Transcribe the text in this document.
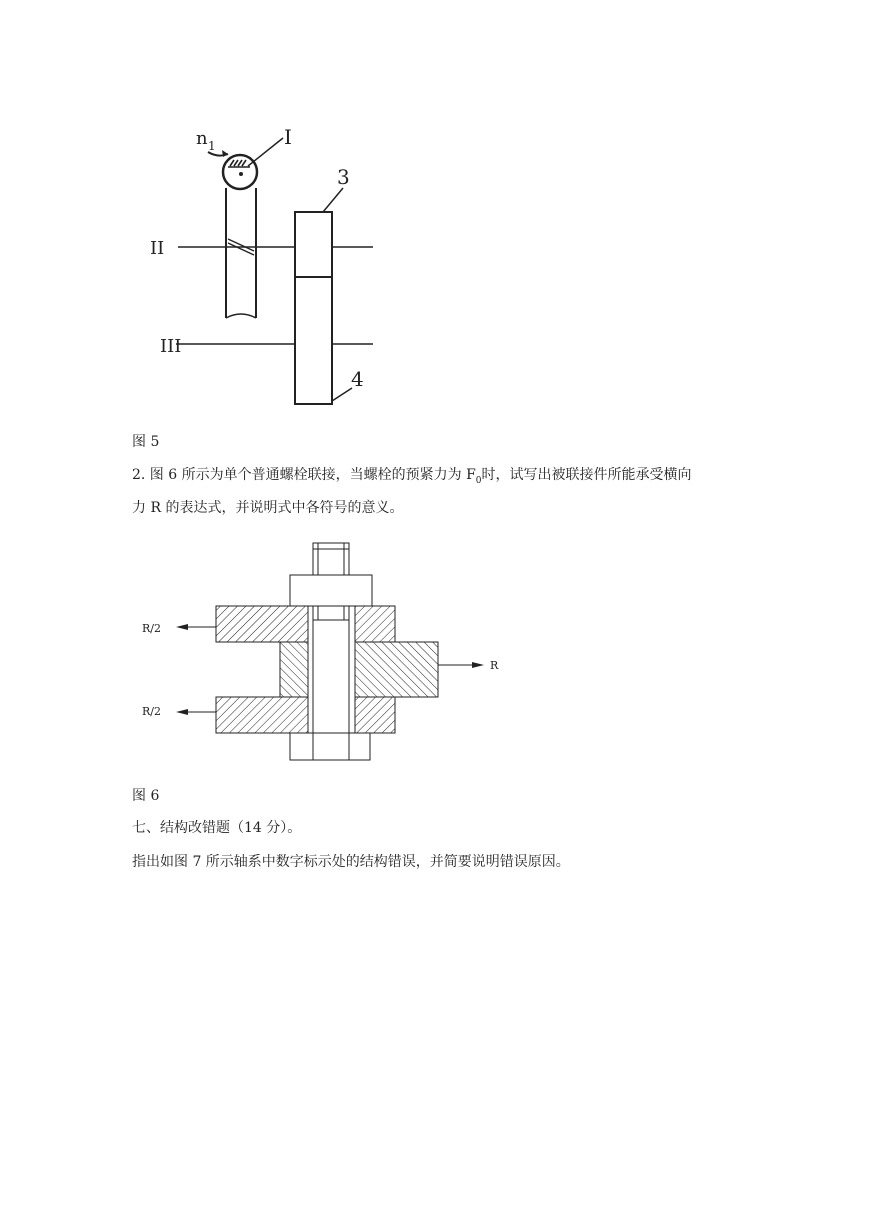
n 1	I
II
III
3
4
图 5
2. 图 6 所示为单个普通螺栓联接，当螺栓的预紧力为 $F_0$时，试写出被联接件所能承受横向
力 R 的表达式，并说明式中各符号的意义。
R/2
R
R/2
图 6
七、结构改错题（14 分）。
指出如图 7 所示轴系中数字标示处的结构错误，并简要说明错误原因。
